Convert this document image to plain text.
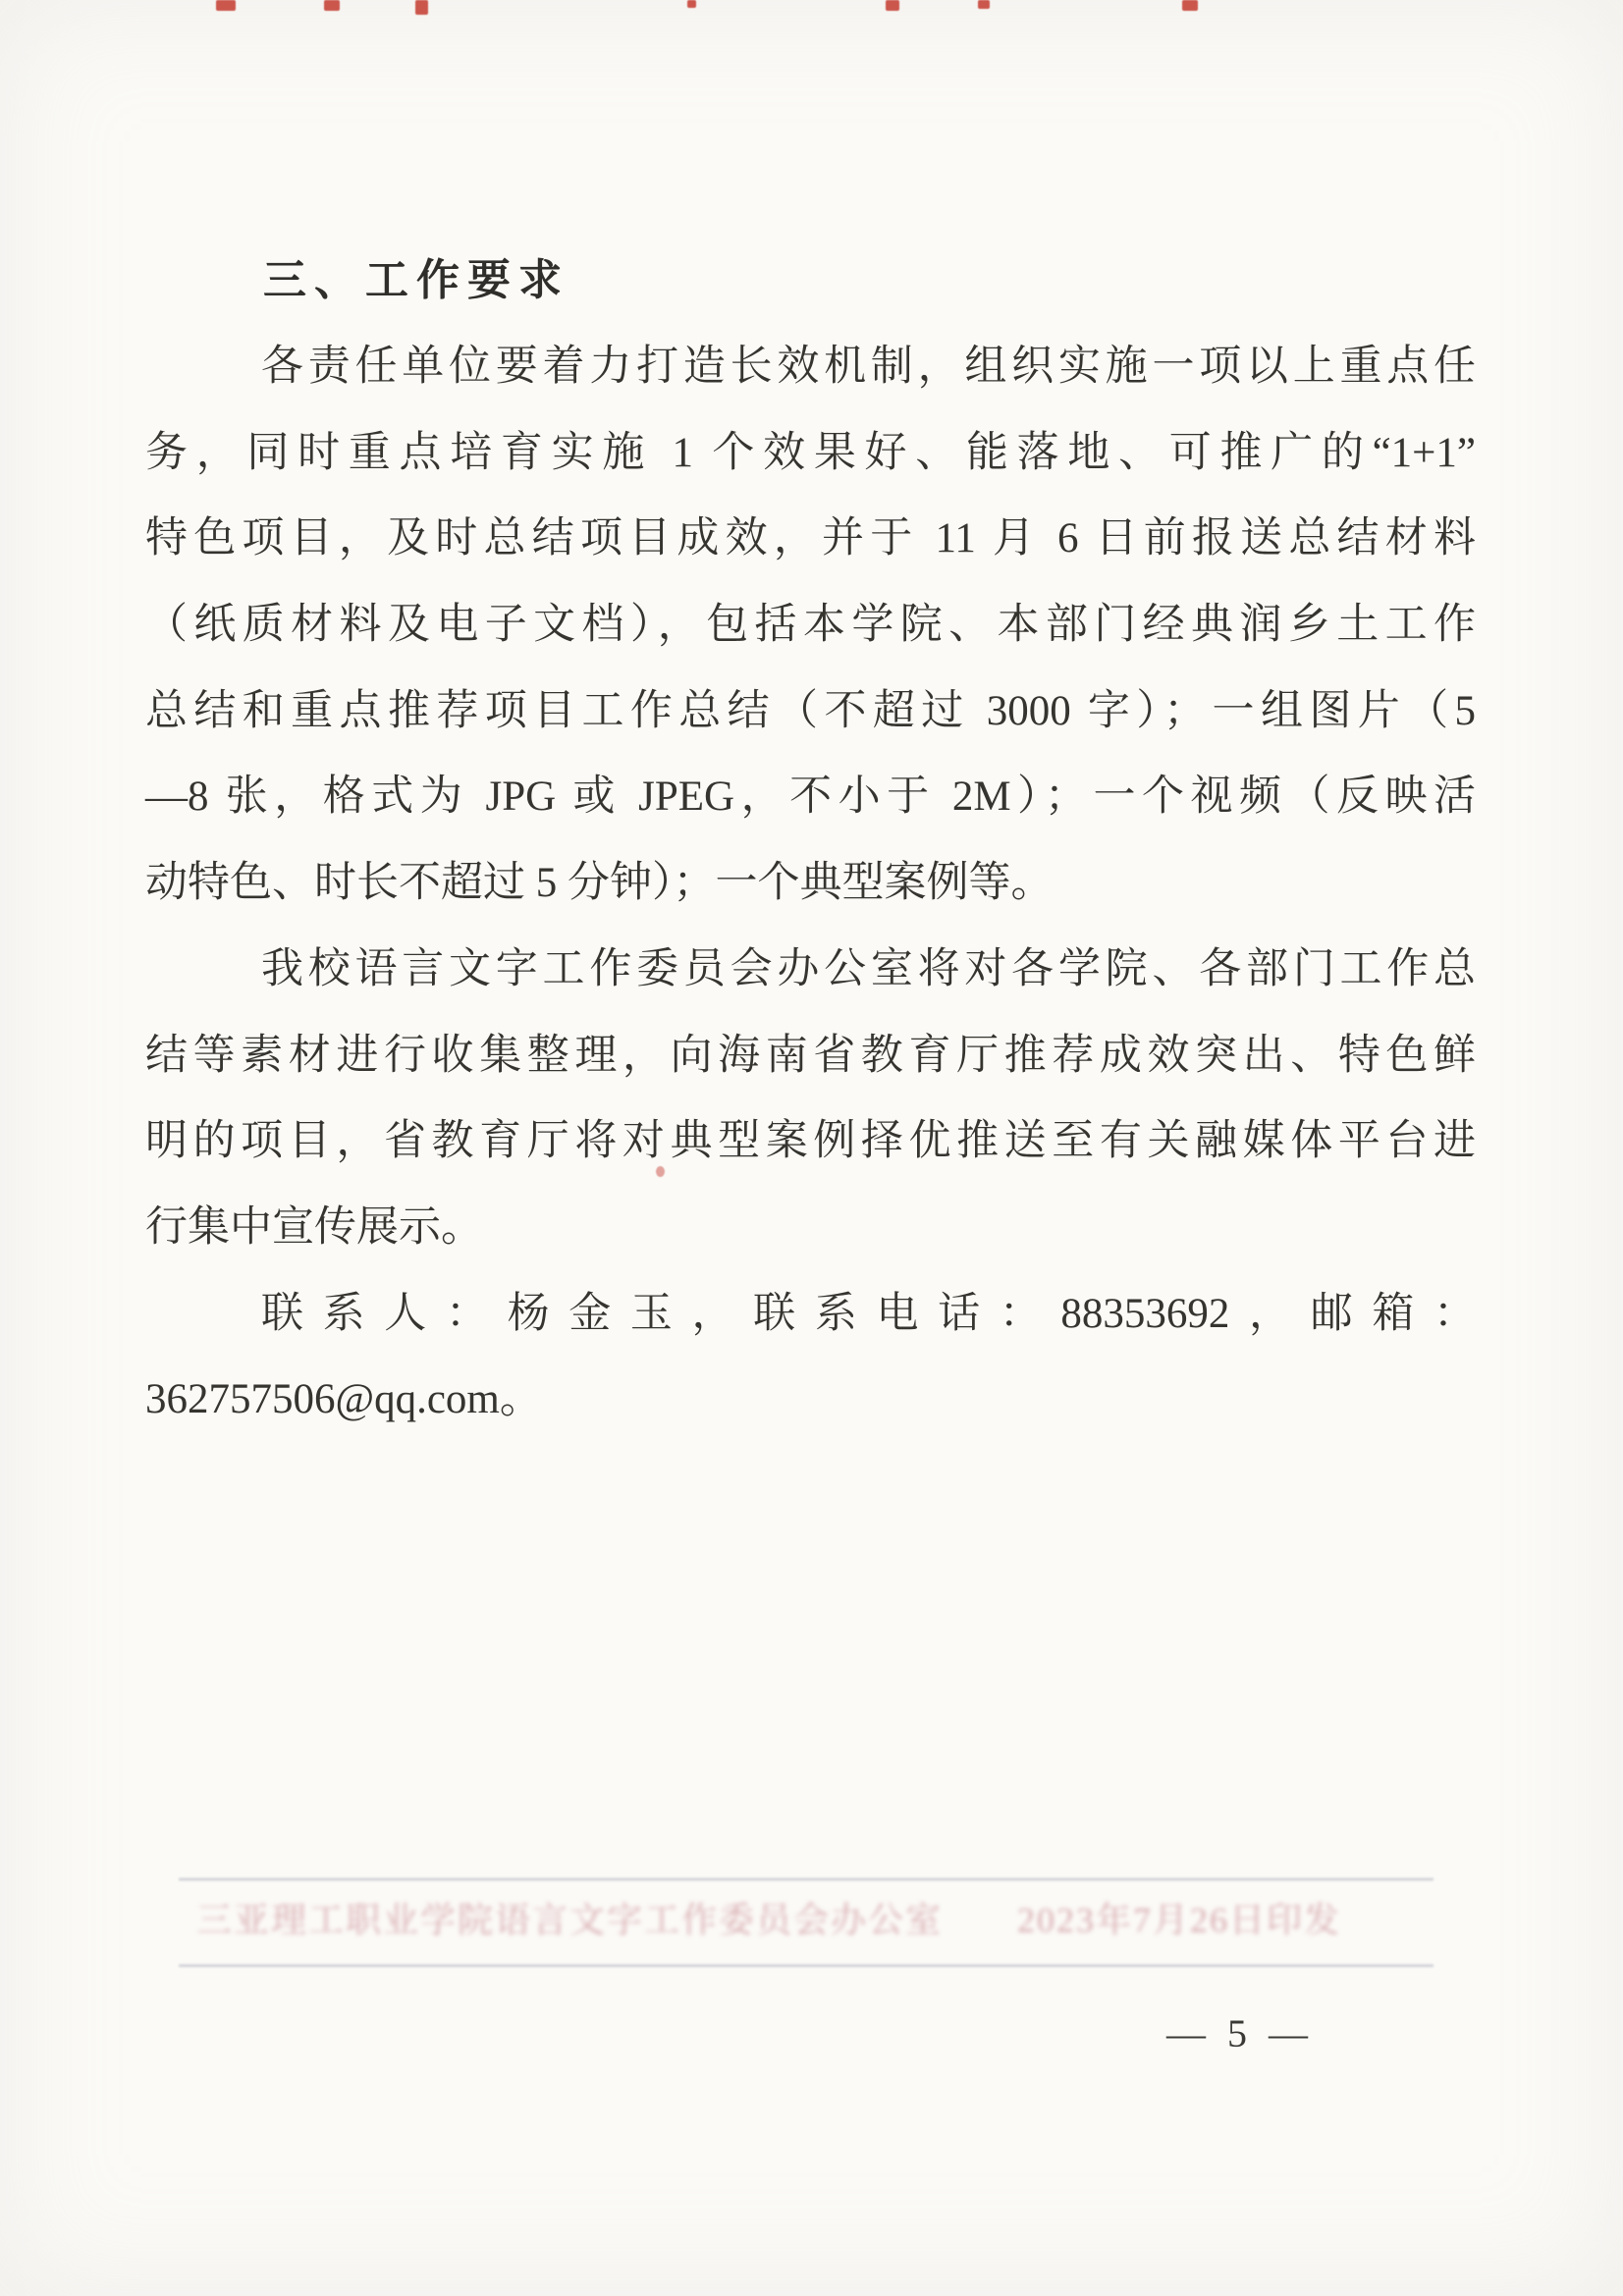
三、工作要求
各责任单位要着力打造长效机制，组织实施一项以上重点任
务，同时重点培育实施 1 个效果好、能落地、可推广的“1+1”
特色项目，及时总结项目成效，并于 11 月 6 日前报送总结材料
（纸质材料及电子文档），包括本学院、本部门经典润乡土工作
总结和重点推荐项目工作总结（不超过 3000 字）；一组图片（5
—8 张，格式为 JPG 或 JPEG，不小于 2M）；一个视频（反映活
动特色、时长不超过 5 分钟）；一个典型案例等。
我校语言文字工作委员会办公室将对各学院、各部门工作总
结等素材进行收集整理，向海南省教育厅推荐成效突出、特色鲜
明的项目，省教育厅将对典型案例择优推送至有关融媒体平台进
行集中宣传展示。
联系人：杨金玉，联系电话：88353692，邮箱：
362757506@qq.com。
三亚理工职业学院语言文字工作委员会办公室　　2023年7月26日印发
— 5 —
